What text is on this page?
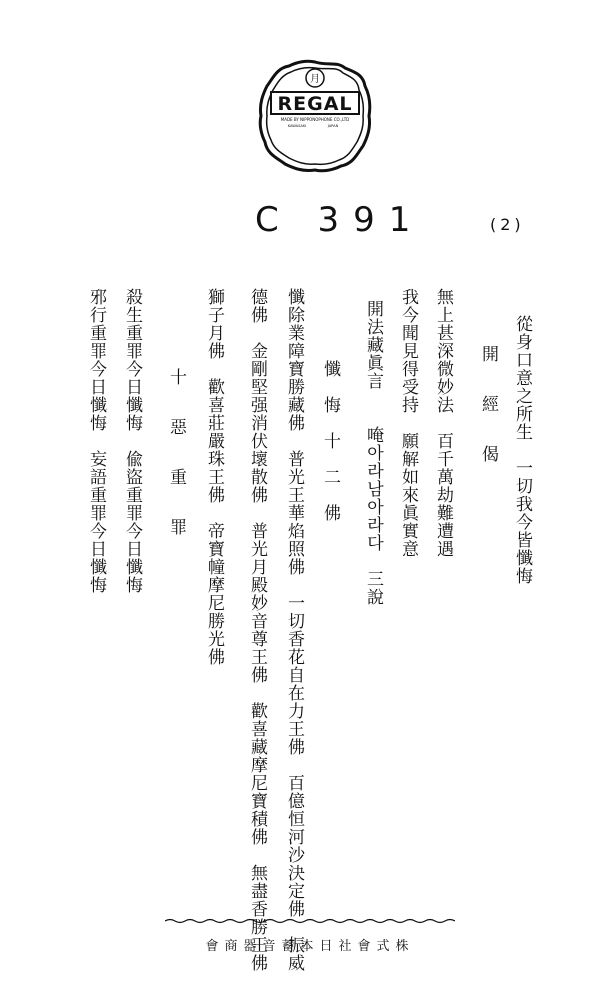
月
REGAL
MADE BY NIPPONOPHONE CO.,LTD
KAWASAKI	JAPAN
C 391	(2)
從身口意之所生　一切我今皆懺悔
開　經　偈
無上甚深微妙法　百千萬劫難遭遇
我今聞見得受持　願解如來眞實意
開法藏眞言　　唵아라남아라다　三說
懺　悔　十　二　佛
懺除業障寶勝藏佛　普光王華焰照佛　一切香花自在力王佛　百億恒河沙決定佛　振威
德佛　金剛堅强消伏壞散佛　普光月殿妙音尊王佛　歡喜藏摩尼寶積佛　無盡香勝王佛
獅子月佛　歡喜莊嚴珠王佛　帝寶幢摩尼勝光佛
十　惡　重　罪
殺生重罪今日懺悔　偸盜重罪今日懺悔
邪行重罪今日懺悔　妄語重罪今日懺悔
會商器音蓄本日社會式株
